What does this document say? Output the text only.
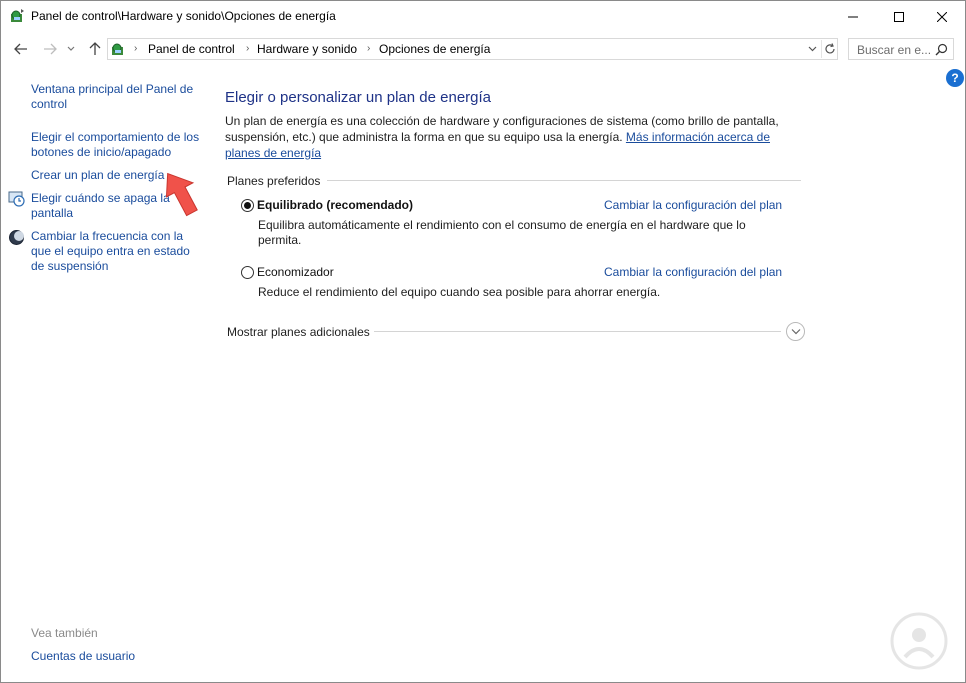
Panel de control\Hardware y sonido\Opciones de energía
› Panel de control › Hardware y sonido › Opciones de energía	Buscar en e...
?
Ventana principal del Panel de control
Elegir el comportamiento de los botones de inicio/apagado
Crear un plan de energía
Elegir cuándo se apaga la pantalla
Cambiar la frecuencia con la que el equipo entra en estado de suspensión
Vea también
Cuentas de usuario
Elegir o personalizar un plan de energía
Un plan de energía es una colección de hardware y configuraciones de sistema (como brillo de pantalla, suspensión, etc.) que administra la forma en que su equipo usa la energía. Más información acerca de planes de energía
Planes preferidos
Equilibrado (recomendado)	Cambiar la configuración del plan
Equilibra automáticamente el rendimiento con el consumo de energía en el hardware que lo permita.
Economizador	Cambiar la configuración del plan
Reduce el rendimiento del equipo cuando sea posible para ahorrar energía.
Mostrar planes adicionales
